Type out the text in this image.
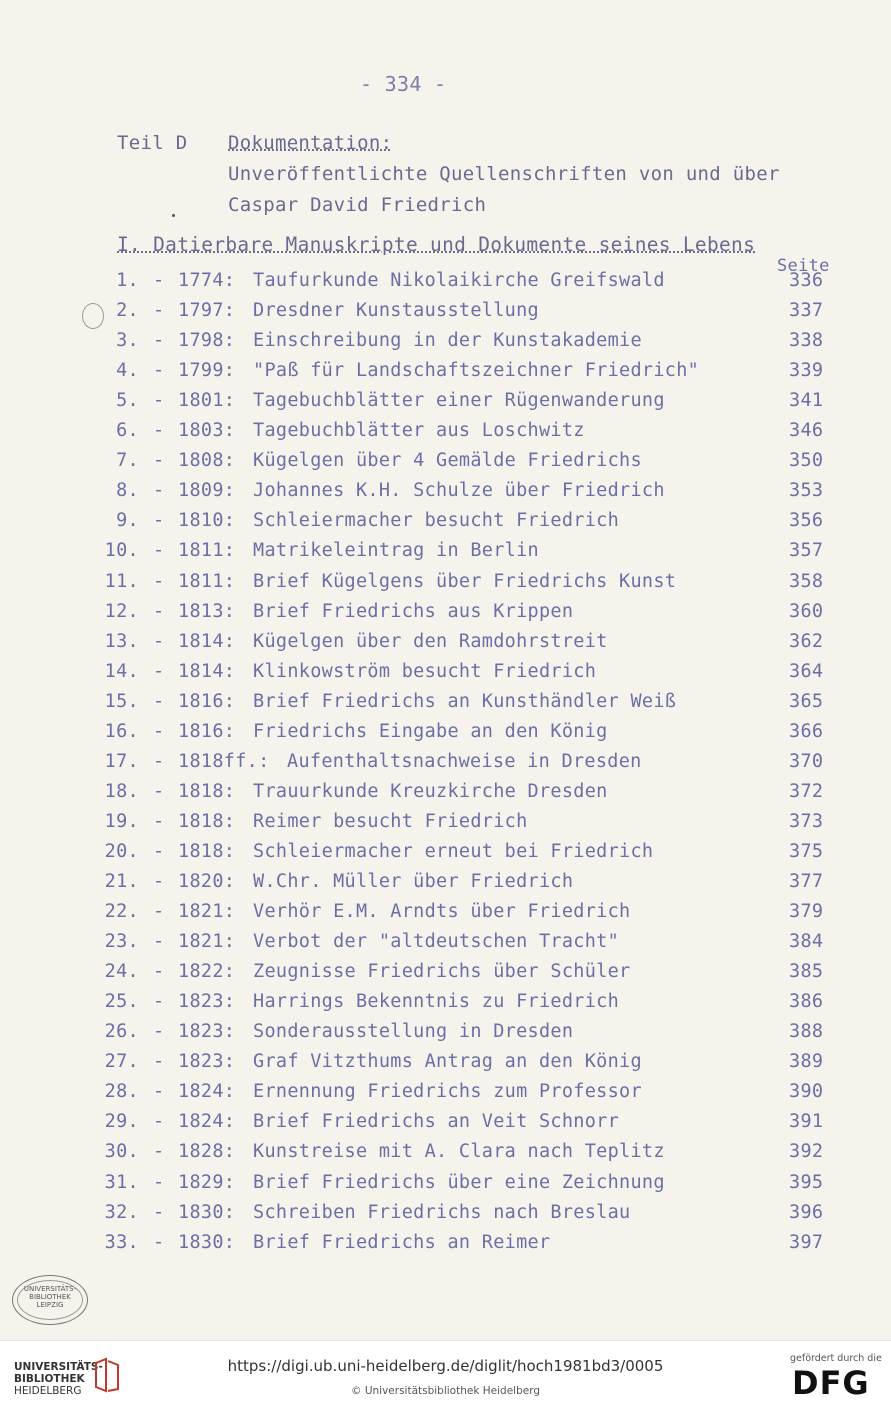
- 334 -
Teil D Dokumentation:
Unveröffentlichte Quellenschriften von und über
Caspar David Friedrich
I. Datierbare Manuskripte und Dokumente seines Lebens
Seite
1. - 1774: Taufurkunde Nikolaikirche Greifswald	336
2. - 1797: Dresdner Kunstausstellung	337
3. - 1798: Einschreibung in der Kunstakademie	338
4. - 1799: "Paß für Landschaftszeichner Friedrich"	339
5. - 1801: Tagebuchblätter einer Rügenwanderung	341
6. - 1803: Tagebuchblätter aus Loschwitz	346
7. - 1808: Kügelgen über 4 Gemälde Friedrichs	350
8. - 1809: Johannes K.H. Schulze über Friedrich	353
9. - 1810: Schleiermacher besucht Friedrich	356
10. - 1811: Matrikeleintrag in Berlin	357
11. - 1811: Brief Kügelgens über Friedrichs Kunst	358
12. - 1813: Brief Friedrichs aus Krippen	360
13. - 1814: Kügelgen über den Ramdohrstreit	362
14. - 1814: Klinkowström besucht Friedrich	364
15. - 1816: Brief Friedrichs an Kunsthändler Weiß	365
16. - 1816: Friedrichs Eingabe an den König	366
17. - 1818ff.: Aufenthaltsnachweise in Dresden	370
18. - 1818: Trauurkunde Kreuzkirche Dresden	372
19. - 1818: Reimer besucht Friedrich	373
20. - 1818: Schleiermacher erneut bei Friedrich	375
21. - 1820: W.Chr. Müller über Friedrich	377
22. - 1821: Verhör E.M. Arndts über Friedrich	379
23. - 1821: Verbot der "altdeutschen Tracht"	384
24. - 1822: Zeugnisse Friedrichs über Schüler	385
25. - 1823: Harrings Bekenntnis zu Friedrich	386
26. - 1823: Sonderausstellung in Dresden	388
27. - 1823: Graf Vitzthums Antrag an den König	389
28. - 1824: Ernennung Friedrichs zum Professor	390
29. - 1824: Brief Friedrichs an Veit Schnorr	391
30. - 1828: Kunstreise mit A. Clara nach Teplitz	392
31. - 1829: Brief Friedrichs über eine Zeichnung	395
32. - 1830: Schreiben Friedrichs nach Breslau	396
33. - 1830: Brief Friedrichs an Reimer	397
UNIVERSITÄTS-
BIBLIOTHEK
LEIPZIG
UNIVERSITÄTS-
BIBLIOTHEK
HEIDELBERG
https://digi.ub.uni-heidelberg.de/diglit/hoch1981bd3/0005
© Universitätsbibliothek Heidelberg
gefördert durch die
DFG
